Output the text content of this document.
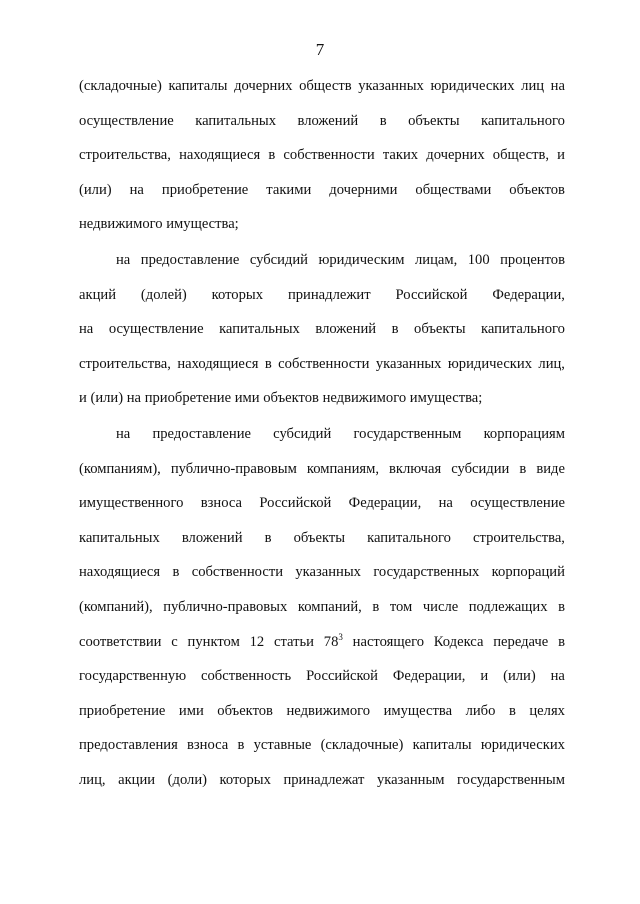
7
(складочные) капиталы дочерних обществ указанных юридических лиц на
осуществление капитальных вложений в объекты капитального
строительства, находящиеся в собственности таких дочерних обществ, и
(или) на приобретение такими дочерними обществами объектов
недвижимого имущества;
на предоставление субсидий юридическим лицам, 100 процентов
акций (долей) которых принадлежит Российской Федерации,
на осуществление капитальных вложений в объекты капитального
строительства, находящиеся в собственности указанных юридических лиц,
и (или) на приобретение ими объектов недвижимого имущества;
на предоставление субсидий государственным корпорациям
(компаниям), публично-правовым компаниям, включая субсидии в виде
имущественного взноса Российской Федерации, на осуществление
капитальных вложений в объекты капитального строительства,
находящиеся в собственности указанных государственных корпораций
(компаний), публично-правовых компаний, в том числе подлежащих в
соответствии с пунктом 12 статьи $78^3$ настоящего Кодекса передаче в
государственную собственность Российской Федерации, и (или) на
приобретение ими объектов недвижимого имущества либо в целях
предоставления взноса в уставные (складочные) капиталы юридических
лиц, акции (доли) которых принадлежат указанным государственным
